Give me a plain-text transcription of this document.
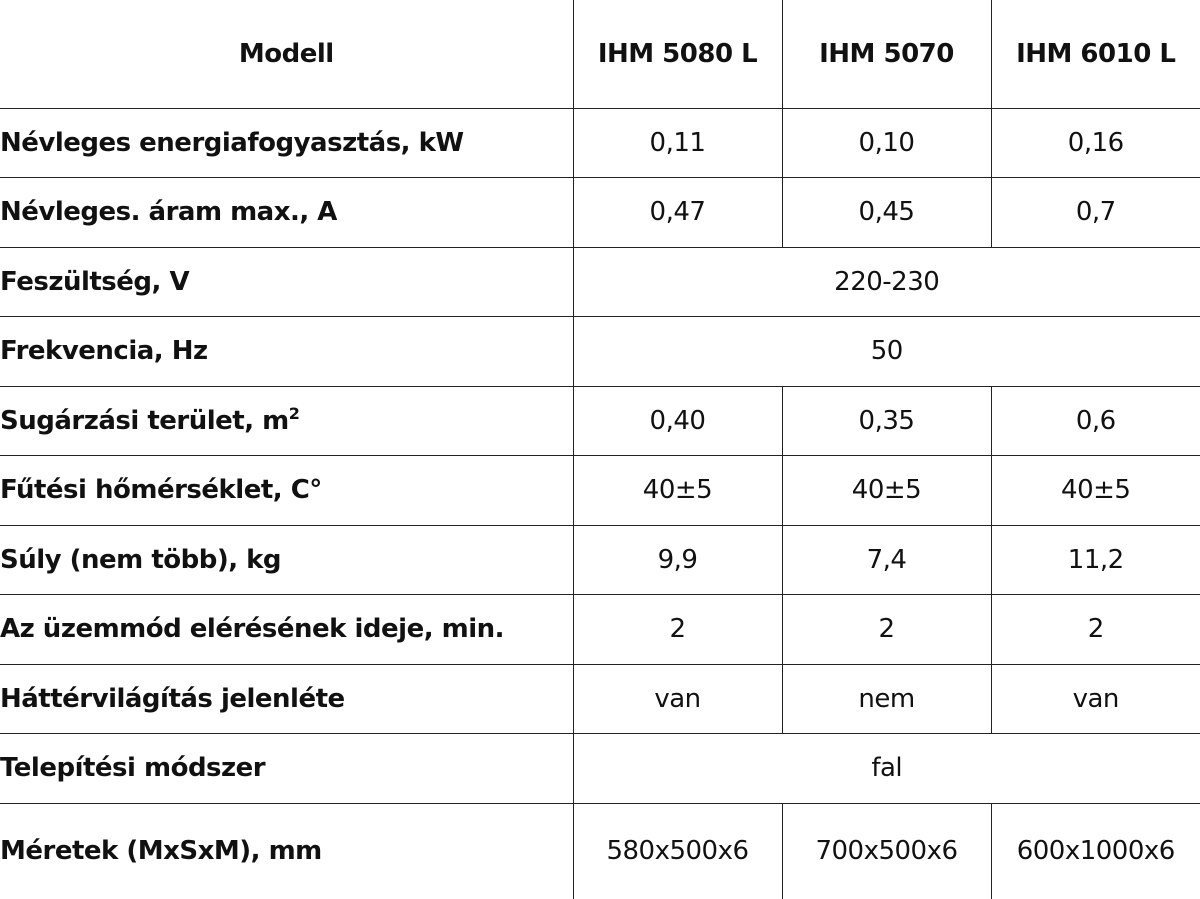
Modell	IHM 5080 L	IHM 5070	IHM 6010 L
Névleges energiafogyasztás, kW	0,11	0,10	0,16
Névleges. áram max., A	0,47	0,45	0,7
Feszültség, V	220-230		
Frekvencia, Hz	50		
Sugárzási terület, $m^2$	0,40	0,35	0,6
Fűtési hőmérséklet, C°	40±5	40±5	40±5
Súly (nem több), kg	9,9	7,4	11,2
Az üzemmód elérésének ideje, min.	2	2	2
Háttérvilágítás jelenléte	van	nem	van
Telepítési módszer	fal		
Méretek (MxSxM), mm	580x500x6	700x500x6	600x1000x6
